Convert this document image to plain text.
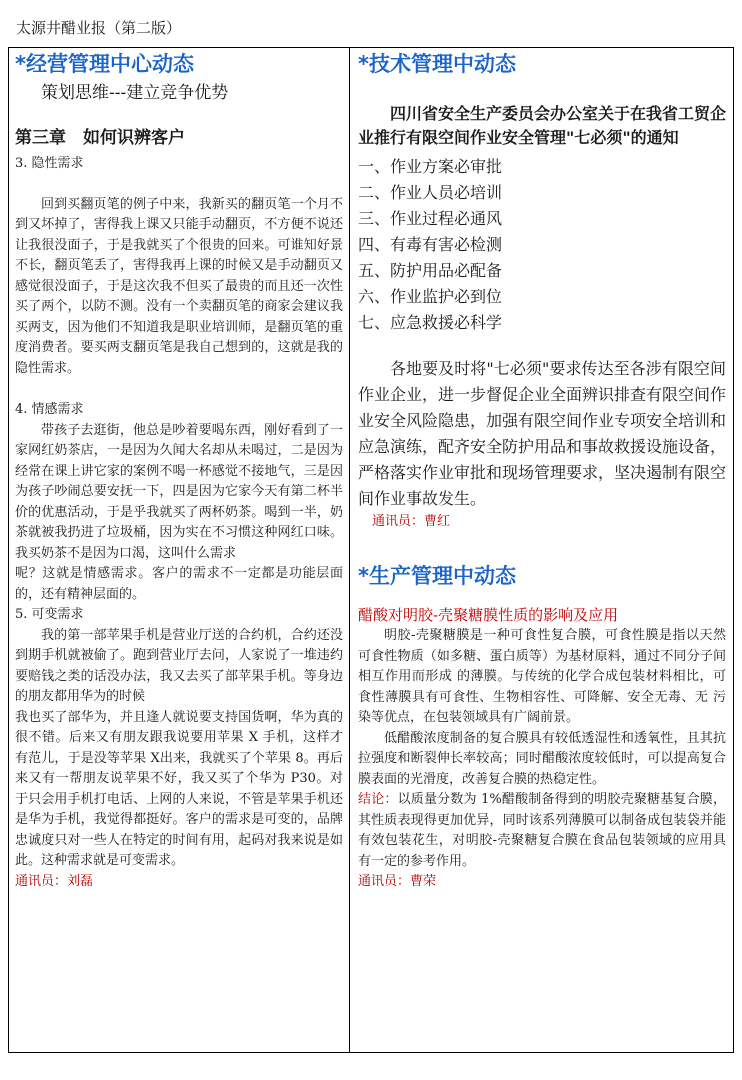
太源井醋业报（第二版）
*经营管理中心动态
策划思维---建立竞争优势
第三章　如何识辨客户
3. 隐性需求

回到买翻页笔的例子中来，我新买的翻页笔一个月不到又坏掉了，害得我上课又只能手动翻页，不方便不说还让我很没面子，于是我就买了个很贵的回来。可谁知好景不长，翻页笔丢了，害得我再上课的时候又是手动翻页又感觉很没面子，于是这次我不但买了最贵的而且还一次性买了两个，以防不测。没有一个卖翻页笔的商家会建议我买两支，因为他们不知道我是职业培训师，是翻页笔的重度消费者。要买两支翻页笔是我自己想到的，这就是我的隐性需求。

4. 情感需求

带孩子去逛街，他总是吵着要喝东西，刚好看到了一家网红奶茶店，一是因为久闻大名却从未喝过，二是因为经常在课上讲它家的案例不喝一杯感觉不接地气，三是因为孩子吵闹总要安抚一下，四是因为它家今天有第二杯半价的优惠活动，于是乎我就买了两杯奶茶。喝到一半，奶茶就被我扔进了垃圾桶，因为实在不习惯这种网红口味。我买奶茶不是因为口渴，这叫什么需求

呢？这就是情感需求。客户的需求不一定都是功能层面的，还有精神层面的。

5. 可变需求

我的第一部苹果手机是营业厅送的合约机，合约还没到期手机就被偷了。跑到营业厅去问，人家说了一堆违约要赔钱之类的话没办法，我又去买了部苹果手机。等身边的朋友都用华为的时候

我也买了部华为，并且逢人就说要支持国货啊，华为真的很不错。后来又有朋友跟我说要用苹果 X 手机，这样才有范儿，于是没等苹果 X出来，我就买了个苹果 8。再后来又有一帮朋友说苹果不好，我又买了个华为 P30。对于只会用手机打电话、上网的人来说，不管是苹果手机还是华为手机，我觉得都挺好。客户的需求是可变的，品牌忠诚度只对一些人在特定的时间有用，起码对我来说是如此。这种需求就是可变需求。

通讯员：刘磊
*技术管理中动态

四川省安全生产委员会办公室关于在我省工贸企业推行有限空间作业安全管理"七必须"的通知

一、作业方案必审批
二、作业人员必培训
三、作业过程必通风
四、有毒有害必检测
五、防护用品必配备
六、作业监护必到位
七、应急救援必科学

各地要及时将"七必须"要求传达至各涉有限空间作业企业，进一步督促企业全面辨识排查有限空间作业安全风险隐患，加强有限空间作业专项安全培训和应急演练，配齐安全防护用品和事故救援设施设备，严格落实作业审批和现场管理要求，坚决遏制有限空间作业事故发生。

通讯员：曹红
*生产管理中动态
醋酸对明胶-壳聚糖膜性质的影响及应用

明胶-壳聚糖膜是一种可食性复合膜，可食性膜是指以天然可食性物质（如多糖、蛋白质等）为基材原料，通过不同分子间相互作用而形成 的薄膜。与传统的化学合成包装材料相比，可食性薄膜具有可食性、生物相容性、可降解、安全无毒、无 污染等优点，在包装领域具有广阔前景。

低醋酸浓度制备的复合膜具有较低透湿性和透氧性，且其抗拉强度和断裂伸长率较高；同时醋酸浓度较低时，可以提高复合膜表面的光滑度，改善复合膜的热稳定性。

结论：以质量分数为 1%醋酸制备得到的明胶壳聚糖基复合膜，其性质表现得更加优异，同时该系列薄膜可以制备成包装袋并能有效包装花生，对明胶-壳聚糖复合膜在食品包装领域的应用具有一定的参考作用。

通讯员：曹荣
